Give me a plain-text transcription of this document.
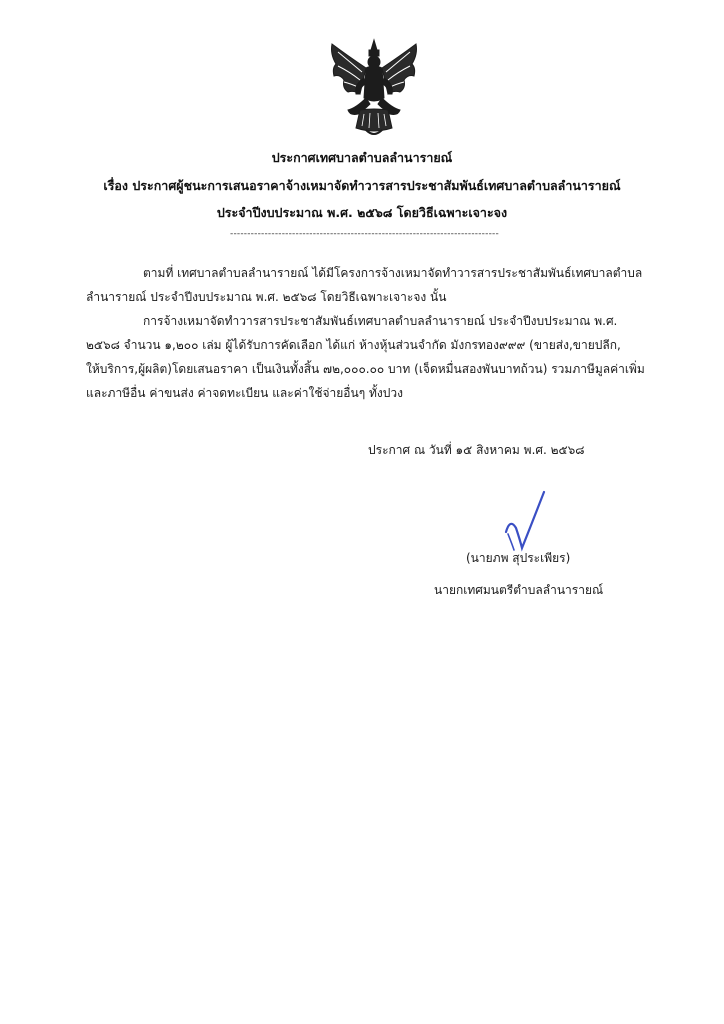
ประกาศเทศบาลตำบลลำนารายณ์
เรื่อง ประกาศผู้ชนะการเสนอราคาจ้างเหมาจัดทำวารสารประชาสัมพันธ์เทศบาลตำบลลำนารายณ์
ประจำปีงบประมาณ พ.ศ. ๒๕๖๘ โดยวิธีเฉพาะเจาะจง
------------------------------------------------------------------------------
ตามที่ เทศบาลตำบลลำนารายณ์ ได้มีโครงการจ้างเหมาจัดทำวารสารประชาสัมพันธ์เทศบาลตำบล
ลำนารายณ์ ประจำปีงบประมาณ พ.ศ. ๒๕๖๘ โดยวิธีเฉพาะเจาะจง นั้น
การจ้างเหมาจัดทำวารสารประชาสัมพันธ์เทศบาลตำบลลำนารายณ์ ประจำปีงบประมาณ พ.ศ.
๒๕๖๘ จำนวน ๑,๒๐๐ เล่ม ผู้ได้รับการคัดเลือก ได้แก่ ห้างหุ้นส่วนจำกัด มังกรทอง๙๙๙ (ขายส่ง,ขายปลีก,
ให้บริการ,ผู้ผลิต)โดยเสนอราคา เป็นเงินทั้งสิ้น ๗๒,๐๐๐.๐๐ บาท (เจ็ดหมื่นสองพันบาทถ้วน) รวมภาษีมูลค่าเพิ่ม
และภาษีอื่น ค่าขนส่ง ค่าจดทะเบียน และค่าใช้จ่ายอื่นๆ ทั้งปวง
ประกาศ ณ วันที่ ๑๕ สิงหาคม พ.ศ. ๒๕๖๘
(นายภพ สุประเพียร)
นายกเทศมนตรีตำบลลำนารายณ์
